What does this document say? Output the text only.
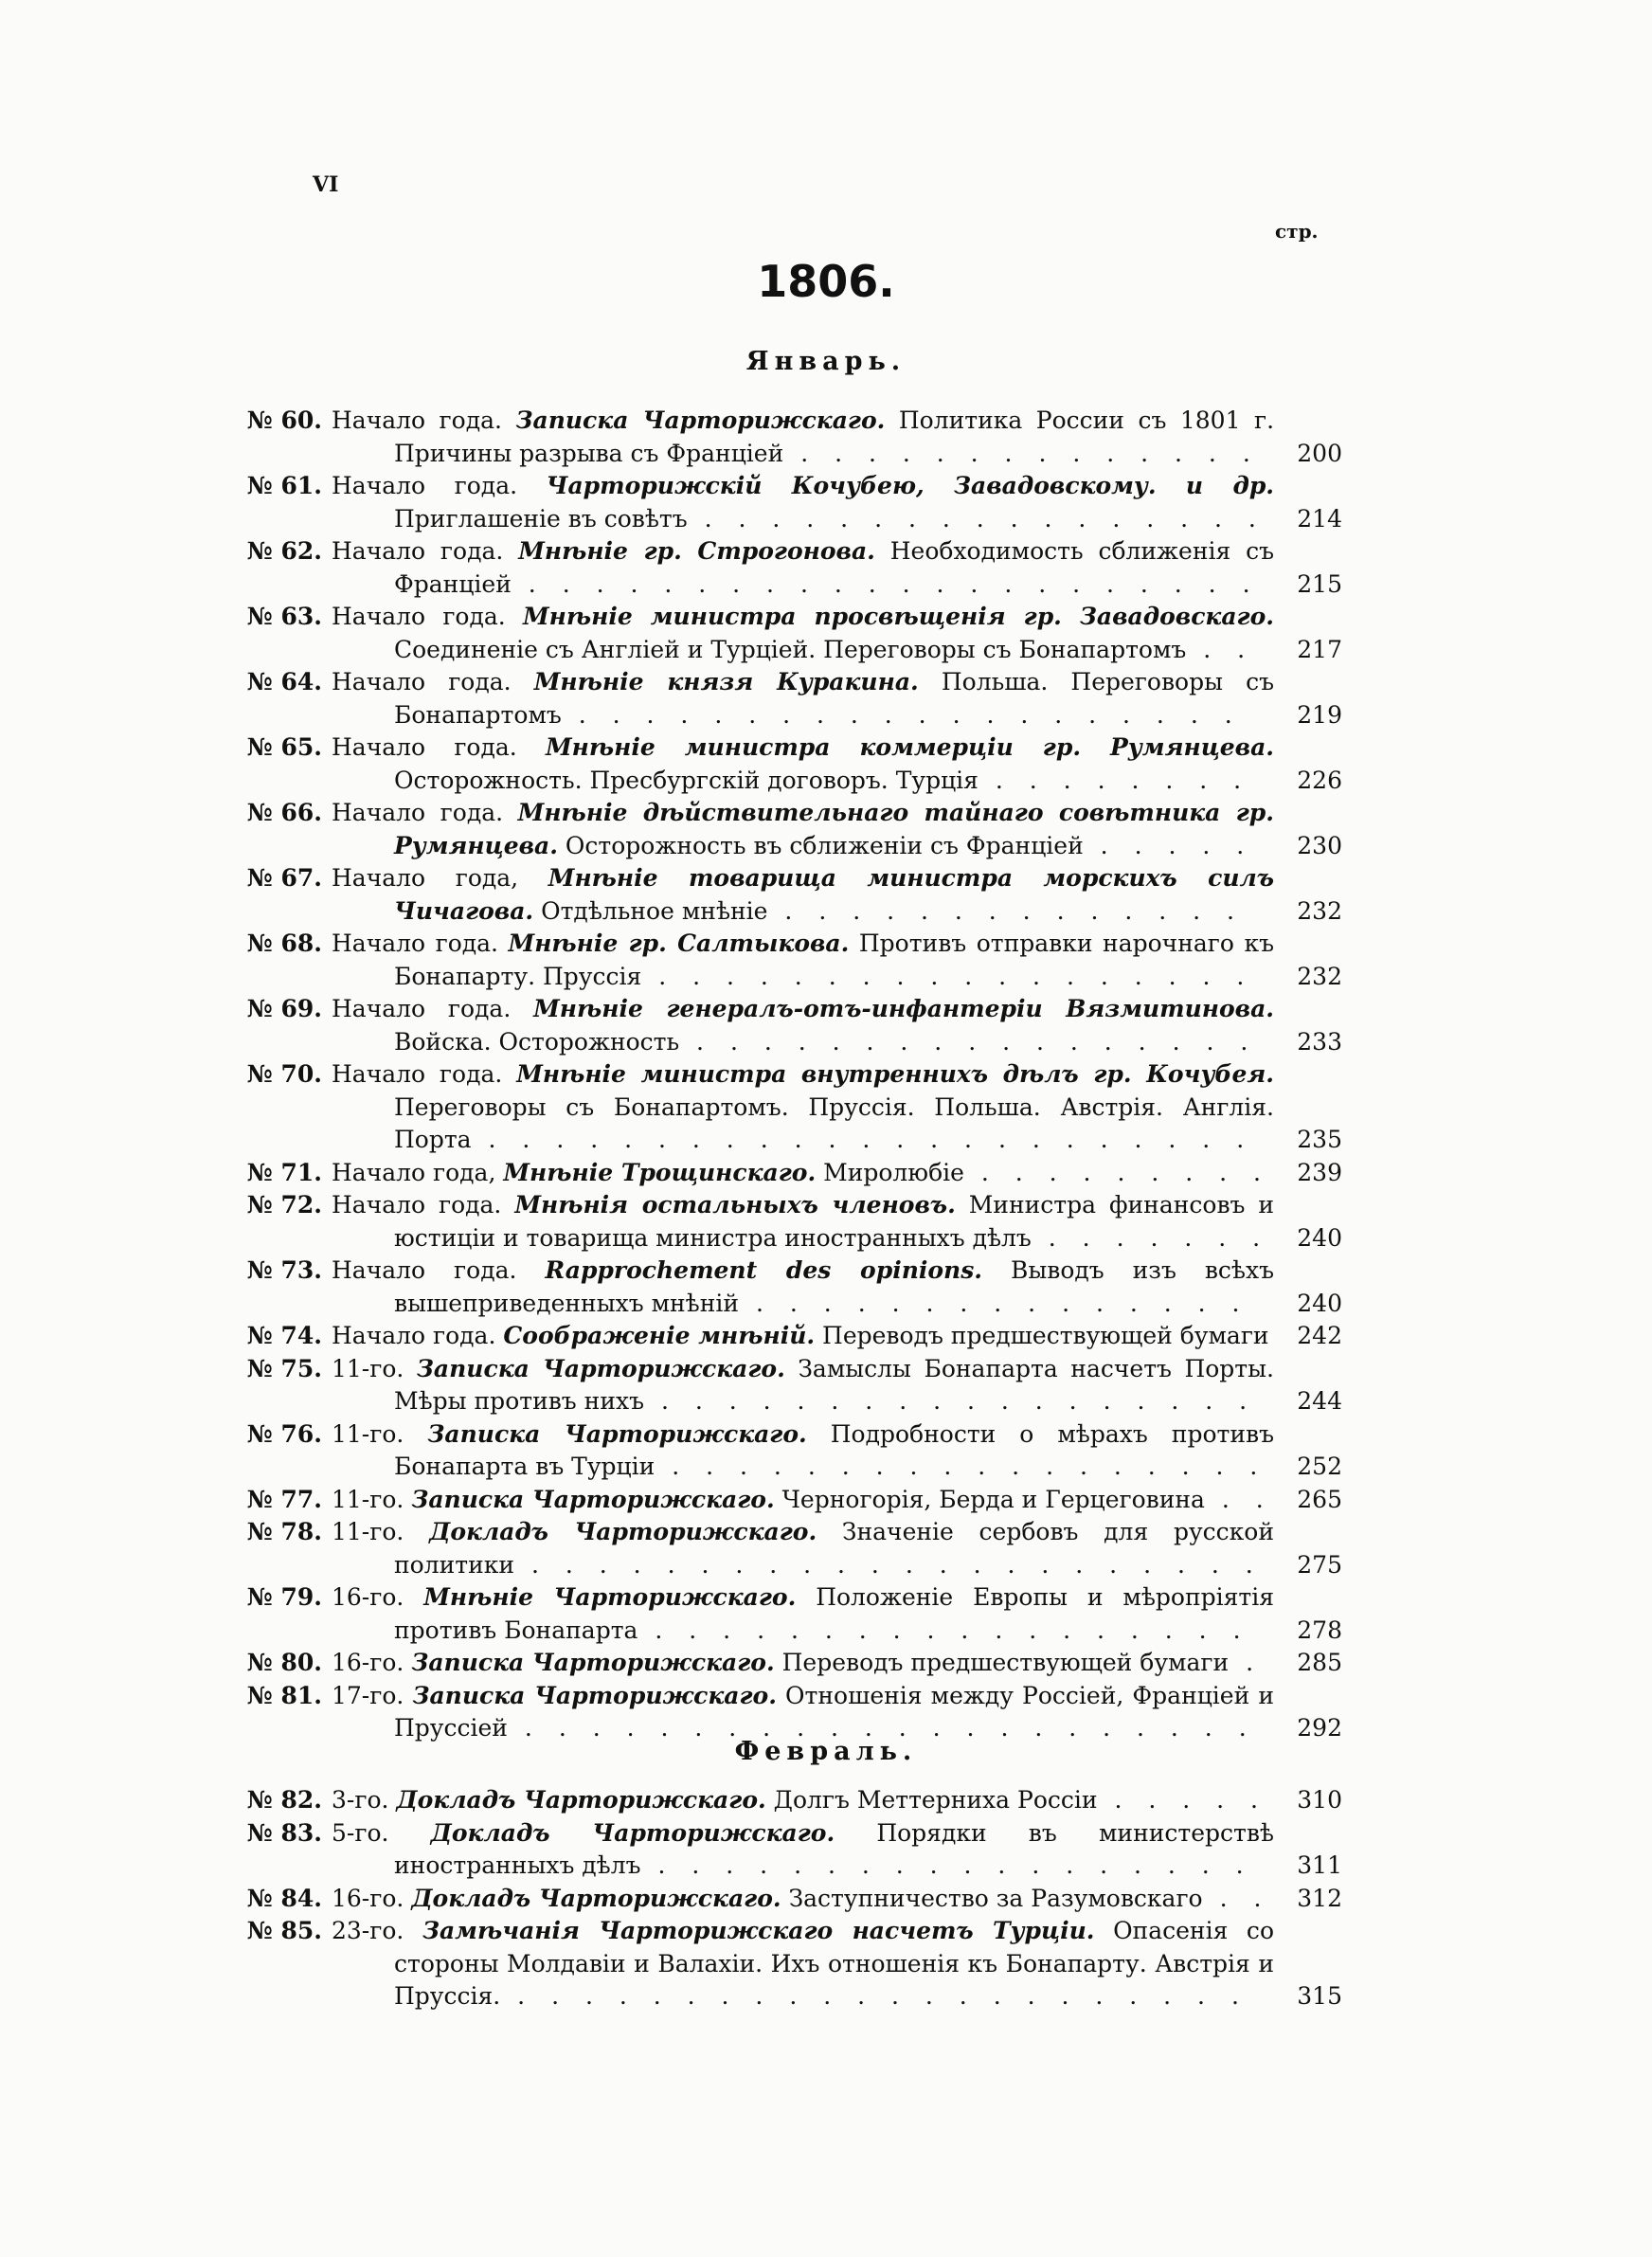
VI
стр.
1806.
Январь.
№ 60. Начало года. Записка Чарторижскаго. Политика России съ 1801 г. Причины разрыва съ Франціей . . . . . . . . . . . . . .	200
№ 61. Начало года. Чарторижскій Кочубею, Завадовскому. и др. Приглашеніе въ совѣтъ . . . . . . . . . . . . . . . . .	214
№ 62. Начало года. Мнѣніе гр. Строгонова. Необходимость сближенія съ Франціей . . . . . . . . . . . . . . . . . . . . . .	215
№ 63. Начало года. Мнѣніе министра просвѣщенія гр. Завадовскаго. Соединеніе съ Англіей и Турціей. Переговоры съ Бонапартомъ . .	217
№ 64. Начало года. Мнѣніе князя Куракина. Польша. Переговоры съ Бонапартомъ . . . . . . . . . . . . . . . . . . . .	219
№ 65. Начало года. Мнѣніе министра коммерціи гр. Румянцева. Осторожность. Пресбургскій договоръ. Турція . . . . . . . .	226
№ 66. Начало года. Мнѣніе дѣйствительнаго тайнаго совѣтника гр. Румянцева. Осторожность въ сближеніи съ Франціей . . . . .	230
№ 67. Начало года, Мнѣніе товарища министра морскихъ силъ Чичагова. Отдѣльное мнѣніе . . . . . . . . . . . . . .	232
№ 68. Начало года. Мнѣніе гр. Салтыкова. Противъ отправки нарочнаго къ Бонапарту. Пруссія . . . . . . . . . . . . . . . . . .	232
№ 69. Начало года. Мнѣніе генералъ-отъ-инфантеріи Вязмитинова. Войска. Осторожность . . . . . . . . . . . . . . . . .	233
№ 70. Начало года. Мнѣніе министра внутреннихъ дѣлъ гр. Кочубея. Переговоры съ Бонапартомъ. Пруссія. Польша. Австрія. Англія. Порта . . . . . . . . . . . . . . . . . . . . . . .	235
№ 71. Начало года, Мнѣніе Трощинскаго. Миролюбіе . . . . . . . . .	239
№ 72. Начало года. Мнѣнія остальныхъ членовъ. Министра финансовъ и юстиціи и товарища министра иностранныхъ дѣлъ . . . . . . .	240
№ 73. Начало года. Rapprochement des opinions. Выводъ изъ всѣхъ вышеприведенныхъ мнѣній . . . . . . . . . . . . . . .	240
№ 74. Начало года. Соображеніе мнѣній. Переводъ предшествующей бумаги	242
№ 75. 11-го. Записка Чарторижскаго. Замыслы Бонапарта насчетъ Порты. Мѣры противъ нихъ . . . . . . . . . . . . . . . . . .	244
№ 76. 11-го. Записка Чарторижскаго. Подробности о мѣрахъ противъ Бонапарта въ Турціи . . . . . . . . . . . . . . . . . .	252
№ 77. 11-го. Записка Чарторижскаго. Черногорія, Берда и Герцеговина . .	265
№ 78. 11-го. Докладъ Чарторижскаго. Значеніе сербовъ для русской политики . . . . . . . . . . . . . . . . . . . . . .	275
№ 79. 16-го. Мнѣніе Чарторижскаго. Положеніе Европы и мѣропріятія противъ Бонапарта . . . . . . . . . . . . . . . . . .	278
№ 80. 16-го. Записка Чарторижскаго. Переводъ предшествующей бумаги .	285
№ 81. 17-го. Записка Чарторижскаго. Отношенія между Россіей, Франціей и Пруссіей . . . . . . . . . . . . . . . . . . . . . .	292
Февраль.
№ 82. 3-го. Докладъ Чарторижскаго. Долгъ Меттерниха Россіи . . . . .	310
№ 83. 5-го. Докладъ Чарторижскаго. Порядки въ министерствѣ иностранныхъ дѣлъ . . . . . . . . . . . . . . . . . .	311
№ 84. 16-го. Докладъ Чарторижскаго. Заступничество за Разумовскаго . .	312
№ 85. 23-го. Замѣчанія Чарторижскаго насчетъ Турціи. Опасенія со стороны Молдавіи и Валахіи. Ихъ отношенія къ Бонапарту. Австрія и Пруссія. . . . . . . . . . . . . . . . . . . . . . .	315
